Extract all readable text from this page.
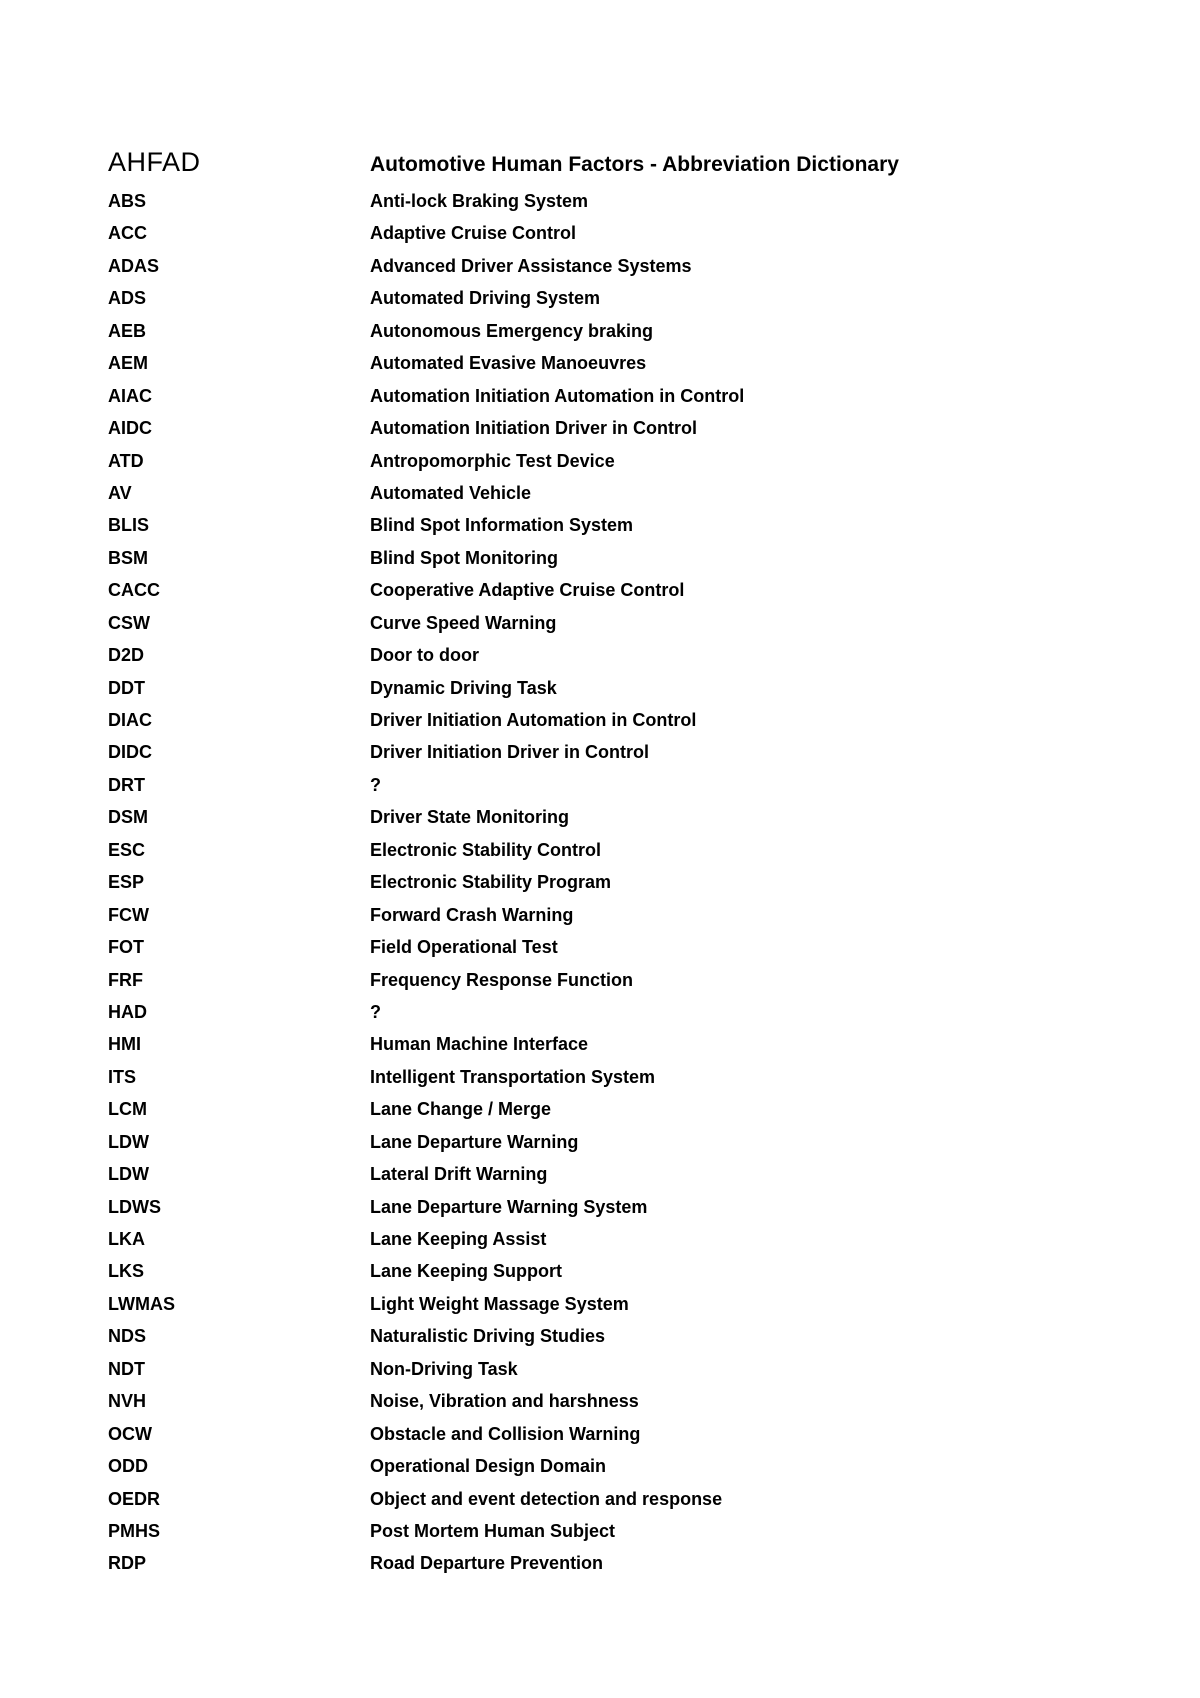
AHFAD	Automotive Human Factors - Abbreviation Dictionary
ABS	Anti-lock Braking System
ACC	Adaptive Cruise Control
ADAS	Advanced Driver Assistance Systems
ADS	Automated Driving System
AEB	Autonomous Emergency braking
AEM	Automated Evasive Manoeuvres
AIAC	Automation Initiation Automation in Control
AIDC	Automation Initiation Driver in Control
ATD	Antropomorphic Test Device
AV	Automated Vehicle
BLIS	Blind Spot Information System
BSM	Blind Spot Monitoring
CACC	Cooperative Adaptive Cruise Control
CSW	Curve Speed Warning
D2D	Door to door
DDT	Dynamic Driving Task
DIAC	Driver Initiation Automation in Control
DIDC	Driver Initiation Driver in Control
DRT	?
DSM	Driver State Monitoring
ESC	Electronic Stability Control
ESP	Electronic Stability Program
FCW	Forward Crash Warning
FOT	Field Operational Test
FRF	Frequency Response Function
HAD	?
HMI	Human Machine Interface
ITS	Intelligent Transportation System
LCM	Lane Change / Merge
LDW	Lane Departure Warning
LDW	Lateral Drift Warning
LDWS	Lane Departure Warning System
LKA	Lane Keeping Assist
LKS	Lane Keeping Support
LWMAS	Light Weight Massage System
NDS	Naturalistic Driving Studies
NDT	Non-Driving Task
NVH	Noise, Vibration and harshness
OCW	Obstacle and Collision Warning
ODD	Operational Design Domain
OEDR	Object and event detection and response
PMHS	Post Mortem Human Subject
RDP	Road Departure Prevention
